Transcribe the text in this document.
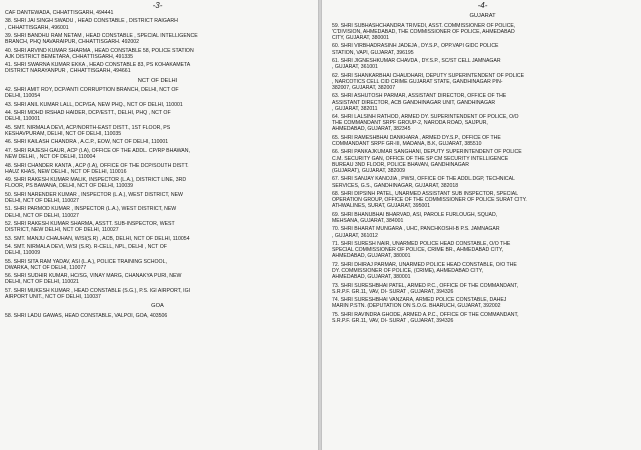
-3-
CAF DANTEWADA, CHHATTISGARH, 494441
38. SHRI JAI SINGH SWADU , HEAD CONSTABLE , DISTRICT RAIGARH
, CHHATTISGARH, 496001
39. SHRI BANDHU RAM NETAM , HEAD CONSTABLE , SPECIAL INTELLIGENCE
BRANCH, PHQ NAVARAIPUR, CHHATTISGARH. 492002
40. SHRI ARVIND KUMAR SHARMA , HEAD CONSTABLE 58, POLICE STATION
AJK DISTRICT BEMETARA, CHHATTISGARH, 491335
41. SHRI SWARNA KUMAR EKKA , HEAD CONSTABLE 83, PS KOHAKAMETA
DISTRICT NARAYANPUR , CHHATTISGARH, 494661
NCT OF DELHI
42. SHRI AMIT ROY, DCP/ANTI CORRUPTION BRANCH, DELHI, NCT OF
DELHI, 110054
43. SHRI ANIL KUMAR LALL, DCP/GA, NEW PHQ., NCT OF DELHI, 110001
44. SHRI MOHD IRSHAD HAIDER, DCP/ESTT., DELHI, PHQ , NCT OF
DELHI, 110001
45. SMT. NIRMALA DEVI, ACP/NORTH-EAST DISTT., 1ST FLOOR, PS
KESHAVPURAM, DELHI, NCT OF DELHI, 110035
46. SHRI KAILASH CHANDRA , A.C.P., EOW, NCT OF DELHI, 110001
47. SHRI RAJESH GAUR, ACP (I.A), OFFICE OF THE ADDL. CP/RP BHAWAN,
NEW DELHI, , NCT OF DELHI, 110004
48. SHRI CHANDER KANTA , ACP (I.A), OFFICE OF THE DCP/SOUTH DISTT.
HAUZ KHAS, NEW DELHI., NCT OF DELHI, 110016
49. SHRI RAKESH KUMAR MALIK, INSPECTOR (L.A.), DISTRICT LINE, 3RD
FLOOR, PS BAWANA, DELHI, NCT OF DELHI, 110039
50. SHRI NARENDER KUMAR , INSPECTOR (L.A.), WEST DISTRICT, NEW
DELHI, NCT OF DELHI, 110027
51. SHRI PARMOD KUMAR , INSPECTOR (L.A.), WEST DISTRICT, NEW
DELHI, NCT OF DELHI, 110027
52. SHRI RAKESH KUMAR SHARMA, ASSTT. SUB-INSPECTOR, WEST
DISTRICT, NEW DELHI, NCT OF DELHI, 110027
53. SMT. MANJU CHAUHAN, W/SI(S.R) , ACB, DELHI, NCT OF DELHI, 110054
54. SMT. NIRMALA DEVI, W/SI (S.R). R-CELL, NPL, DELHI , NCT OF
DELHI, 110009
55. SHRI SITA RAM YADAV, ASI (L.A.), POLICE TRAINING SCHOOL,
DWARKA, NCT OF DELHI, 110077
56. SHRI SUDHIR KUMAR, HC/SG, VINAY MARG, CHANAKYA PURI, NEW
DELHI, NCT OF DELHI, 110021
57. SHRI MUKESH KUMAR , HEAD CONSTABLE (S.G.), P.S. IGI AIRPORT, IGI
AIRPORT UNIT., NCT OF DELHI, 110037
GOA
58. SHRI LADU GAWAS, HEAD CONSTABLE, VALPOI, GOA, 403506
-4-
GUJARAT
59. SHRI SUBHASHCHANDRA TRIVEDI, ASST. COMMISSIONER OF POLICE,
'C'DIVISION, AHMEDABAD, THE COMMISSIONER OF POLICE, AHMEDABAD
CITY, GUJARAT, 380001
60. SHRI VIRBHADRASINH JADEJA , DY.S.P., OPP.VAPI GIDC POLICE
STATION, VAPI, GUJARAT, 396195
61. SHRI JIGNESHKUMAR CHAVDA , DY.S.P., SC/ST CELL JAMNAGAR
, GUJARAT, 361001
62. SHRI SHANKARBHAI CHAUDHARI, DEPUTY SUPERINTENDENT OF POLICE
, NARCOTICS CELL CID CRIME GUJARAT STATE, GANDHINAGAR PIN-
382007, GUJARAT, 382007
63. SHRI ASHUTOSH PARMAR, ASSISTANT DIRECTOR, OFFICE OF THE
ASSISTANT DIRECTOR, ACB GANDHINAGAR UNIT, GANDHINAGAR
, GUJARAT, 382011
64. SHRI LALSINH RATHOD, ARMED DY. SUPERINTENDENT OF POLICE, O/O
THE COMMANDANT SRPF GROUP-2, NARODA ROAD, SAIJPUR,
AHMEDABAD, GUJARAT, 382345
65. SHRI RAMESHBHAI DANKHARA , ARMED DY.S.P., OFFICE OF THE
COMMANDANT SRPF GR-III, MADANA, B.K, GUJARAT, 385510
66. SHRI PANKAJKUMAR SANGHANI, DEPUTY SUPERINTENDENT OF POLICE
C.M. SECURITY GAN, OFFICE OF THE SP CM SECURITY INTELLIGENCE
BUREAU 3ND FLOOR, POLICE BHAVAN, GANDHINAGAR
(GUJARAT), GUJARAT, 382009
67. SHRI SANJAY KANOJIA , PWSI, OFFICE OF THE ADDL.DGP, TECHNICAL
SERVICES, G.S., GANDHINAGAR, GUJARAT, 382018
68. SHRI DIPSINH PATEL, UNARMED ASSISTANT SUB INSPECTOR, SPECIAL
OPERATION GROUP, OFFICE OF THE COMMISSIONER OF POLICE SURAT CITY.
ATHWALINES, SURAT, GUJARAT, 395001
69. SHRI BHANUBHAI BHARVAD, ASI, PAROLE FURLOUGH, SQUAD,
MEHSANA, GUJARAT, 384001
70. SHRI BHARAT MUNGARA , UHC, PANCHKOSHI-B P.S. JAMNAGAR
, GUJARAT, 361012
71. SHRI SURESH NAIR, UNARMED POLICE HEAD CONSTABLE, O/O THE
SPECIAL COMMISSIONER OF POLICE, CRIME BR., AHMEDABAD CITY,
AHMEDABAD, GUJARAT, 380001
72. SHRI DHIRAJ PARMAR, UNARMED POLICE HEAD CONSTABLE, O/O THE
DY. COMMISSIONER OF POLICE, (CRIME), AHMEDABAD CITY,
AHMEDABAD, GUJARAT, 380001
73. SHRI SURESHBHAI PATEL, ARMED P.C., OFFICE OF THE COMMANDANT,
S.R.P.F. GR.11, VAV, DI- SURAT , GUJARAT, 394326
74. SHRI SURESHBHAI VANZARA, ARMED POLICE CONSTABLE, DAHEJ
MARIN P.STN. (DEPUTATION ON S.O.G. BHARUCH, GUJARAT, 392002
75. SHRI RAVINDRA GHODE, ARMED A.P.C., OFFICE OF THE COMMANDANT,
S.R.P.F. GR.11, VAV, DI- SURAT , GUJARAT, 394326
